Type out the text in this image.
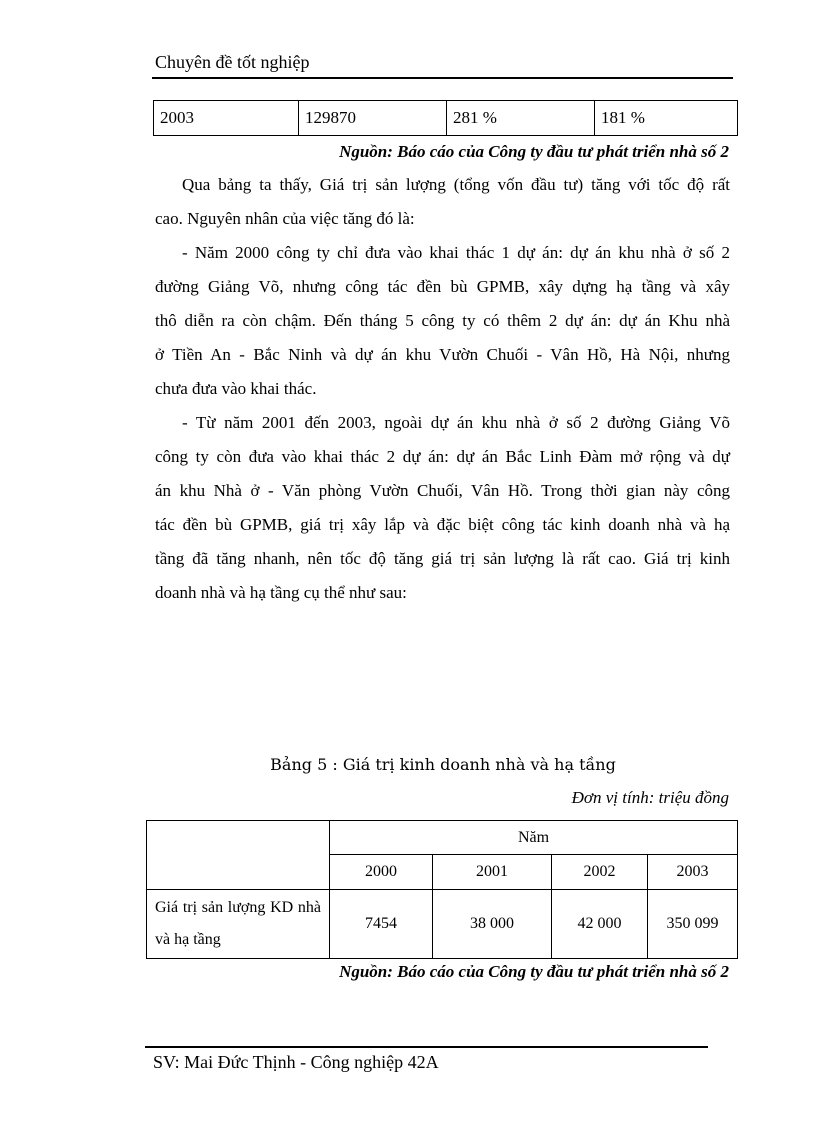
Chuyên đề tốt nghiệp
2003	129870	281 %	181 %
Nguồn: Báo cáo của Công ty đầu tư phát triển nhà số 2
Qua bảng ta thấy, Giá trị sản lượng (tổng vốn đầu tư) tăng với tốc độ rất
cao. Nguyên nhân của việc tăng đó là:
- Năm 2000 công ty chỉ đưa vào khai thác 1 dự án: dự án khu nhà ở số 2
đường Giảng Võ, nhưng công tác đền bù GPMB, xây dựng hạ tầng và xây
thô diễn ra còn chậm. Đến tháng 5 công ty có thêm 2 dự án: dự án Khu nhà
ở Tiền An - Bắc Ninh và dự án khu Vườn Chuối - Vân Hồ, Hà Nội, nhưng
chưa đưa vào khai thác.
- Từ năm 2001 đến 2003, ngoài dự án khu nhà ở số 2 đường Giảng Võ
công ty còn đưa vào khai thác 2 dự án: dự án Bắc Linh Đàm mở rộng và dự
án khu Nhà ở - Văn phòng Vườn Chuối, Vân Hồ. Trong thời gian này công
tác đền bù GPMB, giá trị xây lắp và đặc biệt công tác kinh doanh nhà và hạ
tầng đã tăng nhanh, nên tốc độ tăng giá trị sản lượng là rất cao. Giá trị kinh
doanh nhà và hạ tầng cụ thể như sau:
Bảng 5 : Giá trị kinh doanh nhà và hạ tầng
Đơn vị tính: triệu đồng
	Năm			
	2000	2001	2002	2003
Giá trị sản lượng KD nhà và hạ tầng	7454	38 000	42 000	350 099
Nguồn: Báo cáo của Công ty đầu tư phát triển nhà số 2
SV: Mai Đức Thịnh - Công nghiệp 42A
